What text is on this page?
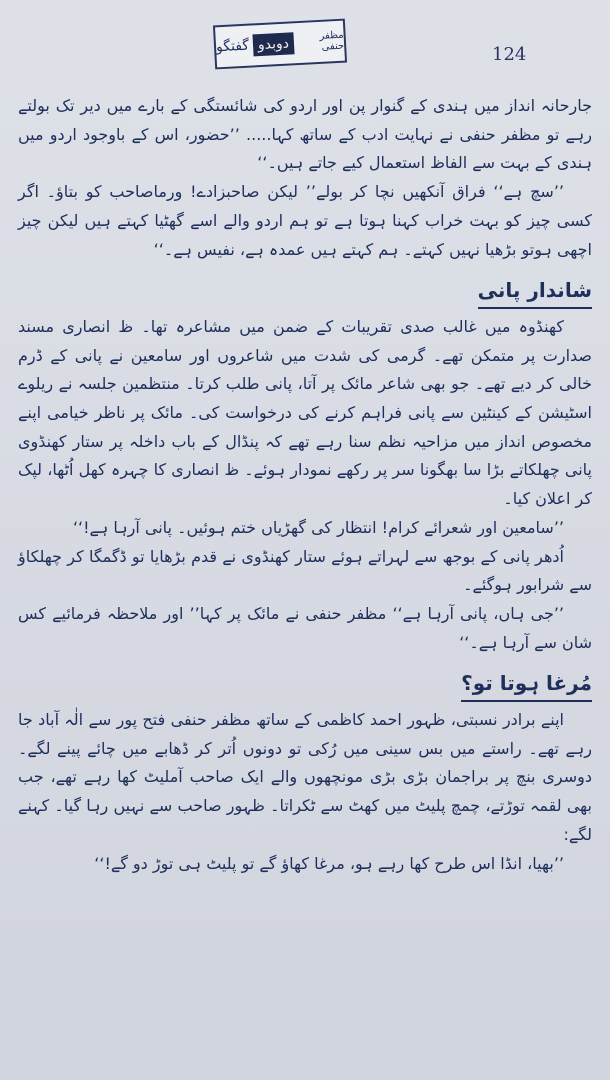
گفتگو دوبدو	مظفر حنفی	124

جارحانہ انداز میں ہندی کے گنوار پن اور اردو کی شائستگی کے بارے میں دیر تک بولتے رہے تو مظفر حنفی نے نہایت ادب کے ساتھ کہا..... ’’حضور، اس کے باوجود اردو میں ہندی کے بہت سے الفاظ استعمال کیے جاتے ہیں۔‘‘

’’سچ ہے‘‘ فراق آنکھیں نچا کر بولے’’ لیکن صاحبزادے! ورماصاحب کو بتاؤ۔ اگر کسی چیز کو بہت خراب کہنا ہوتا ہے تو ہم اردو والے اسے گھٹیا کہتے ہیں لیکن چیز اچھی ہوتو بڑھیا نہیں کہتے۔ ہم کہتے ہیں عمدہ ہے، نفیس ہے۔‘‘

شاندار پانی

کھنڈوہ میں غالب صدی تقریبات کے ضمن میں مشاعرہ تھا۔ ظ انصاری مسند صدارت پر متمکن تھے۔ گرمی کی شدت میں شاعروں اور سامعین نے پانی کے ڈرم خالی کر دیے تھے۔ جو بھی شاعر مائک پر آتا، پانی طلب کرتا۔ منتظمین جلسہ نے ریلوے اسٹیشن کے کینٹین سے پانی فراہم کرنے کی درخواست کی۔ مائک پر ناظر خیامی اپنے مخصوص انداز میں مزاحیہ نظم سنا رہے تھے کہ پنڈال کے باب داخلہ پر ستار کھنڈوی پانی چھلکاتے بڑا سا بھگونا سر پر رکھے نمودار ہوئے۔ ظ انصاری کا چہرہ کھل اُٹھا، لپک کر اعلان کیا۔

’’سامعین اور شعرائے کرام! انتظار کی گھڑیاں ختم ہوئیں۔ پانی آرہا ہے!‘‘

اُدھر پانی کے بوجھ سے لہراتے ہوئے ستار کھنڈوی نے قدم بڑھایا تو ڈگمگا کر چھلکاؤ سے شرابور ہوگئے۔

’’جی ہاں، پانی آرہا ہے‘‘ مظفر حنفی نے مائک پر کہا’’ اور ملاحظہ فرمائیے کس شان سے آرہا ہے۔‘‘

مُرغا ہوتا تو؟

اپنے برادر نسبتی، ظہور احمد کاظمی کے ساتھ مظفر حنفی فتح پور سے الٰہ آباد جا رہے تھے۔ راستے میں بس سینی میں رُکی تو دونوں اُتر کر ڈھابے میں چائے پینے لگے۔ دوسری بنچ پر براجمان بڑی بڑی مونچھوں والے ایک صاحب آملیٹ کھا رہے تھے، جب بھی لقمہ توڑتے، چمچ پلیٹ میں کھٹ سے ٹکراتا۔ ظہور صاحب سے نہیں رہا گیا۔ کہنے لگے:

’’بھیا، انڈا اس طرح کھا رہے ہو، مرغا کھاؤ گے تو پلیٹ ہی توڑ دو گے!‘‘
